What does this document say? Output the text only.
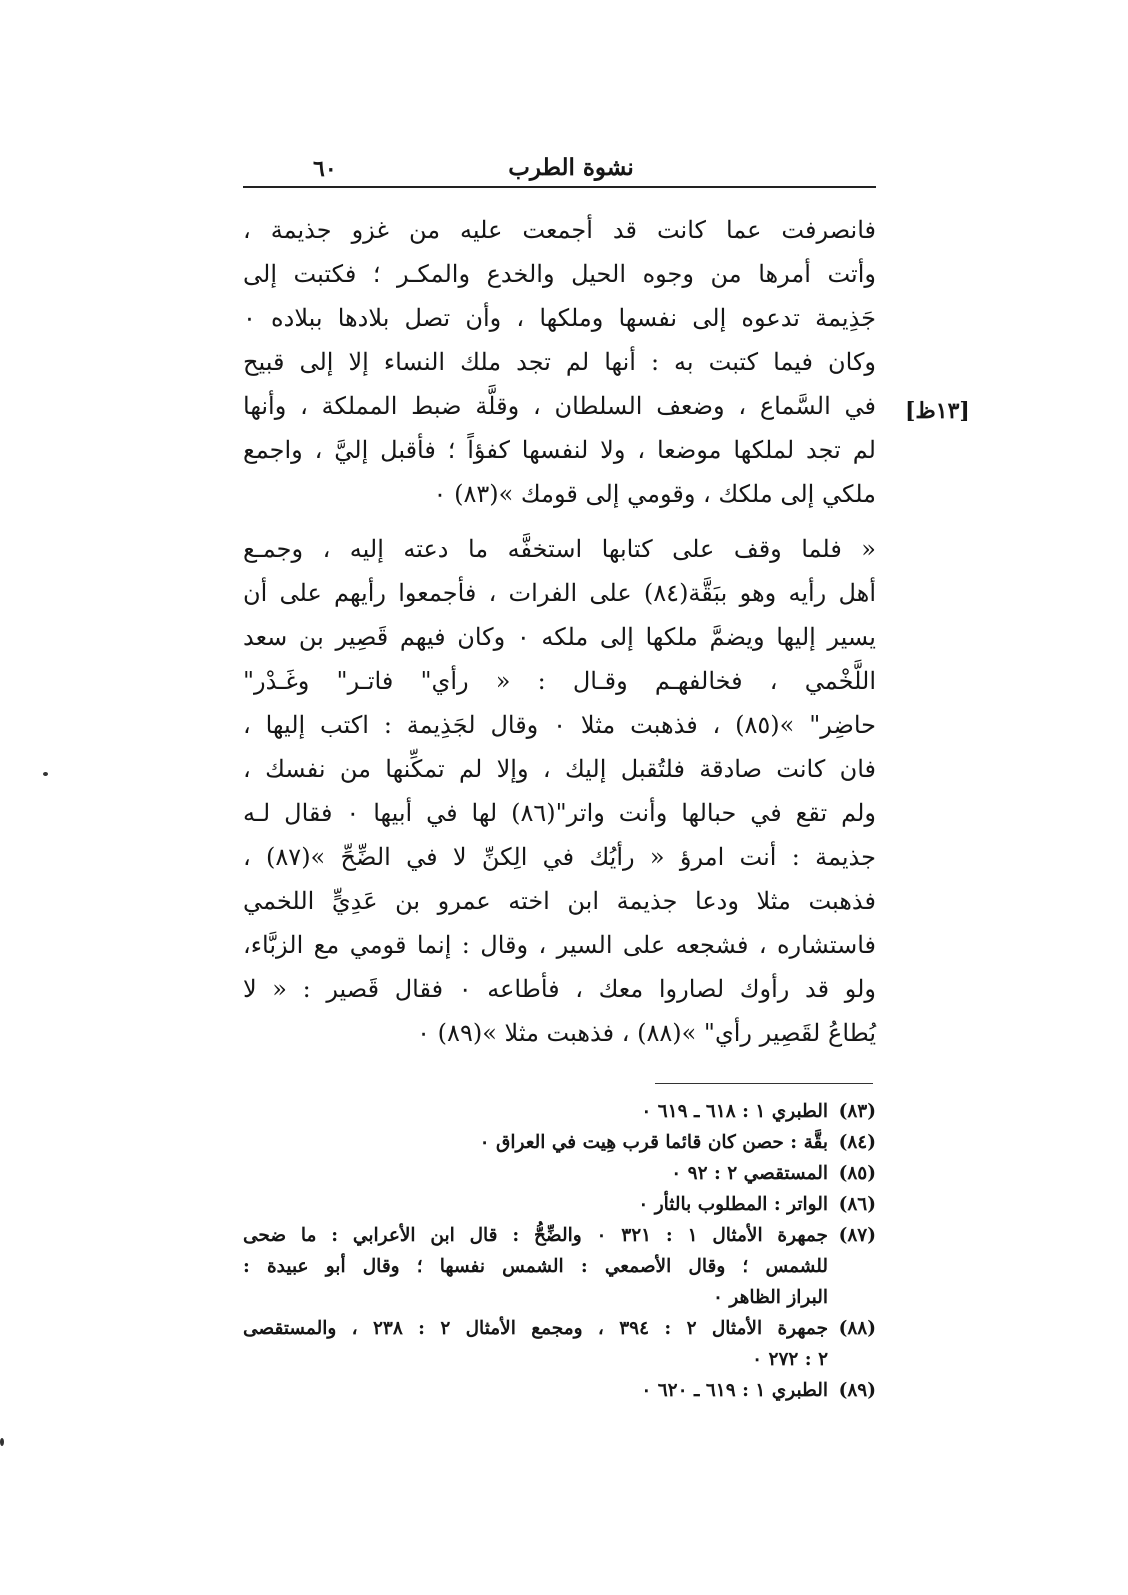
٦٠	نشوة الطرب
[١٣ظ]
فانصرفت عما كانت قد أجمعت عليه من غزو جذيمة ،
وأتت أمرها من وجوه الحيل والخدع والمكـر ؛ فكتبت إلى
جَذِيمة تدعوه إلى نفسها وملكها ، وأن تصل بلادها ببلاده ٠
وكان فيما كتبت به : أنها لم تجد ملك النساء إلا إلى قبيح
في السَّماع ، وضعف السلطان ، وقلَّة ضبط المملكة ، وأنها
لم تجد لملكها موضعا ، ولا لنفسها كفؤاً ؛ فأقبل إليَّ ، واجمع
ملكي إلى ملكك ، وقومي إلى قومك »(٨٣) ٠
« فلما وقف على كتابها استخفَّه ما دعته إليه ، وجمـع
أهل رأيه وهو ببَقَّة(٨٤) على الفرات ، فأجمعوا رأيهم على أن
يسير إليها ويضمَّ ملكها إلى ملكه ٠ وكان فيهم قَصِير بن سعد
اللَّخْمي ، فخالفهـم وقـال : « رأي" فاتـر" وغَـدْر"
حاضِر" »(٨٥) ، فذهبت مثلا ٠ وقال لجَذِيمة : اكتب إليها ،
فان كانت صادقة فلتُقبل إليك ، وإلا لم تمكِّنها من نفسك ،
ولم تقع في حبالها وأنت واتر"(٨٦) لها في أبيها ٠ فقال لـه
جذيمة : أنت امرؤ « رأيُك في الِكنِّ لا في الضِّحِّ »(٨٧) ،
فذهبت مثلا ودعا جذيمة ابن اخته عمرو بن عَدِيٍّ اللخمي
فاستشاره ، فشجعه على السير ، وقال : إنما قومي مع الزبَّاء،
ولو قد رأوك لصاروا معك ، فأطاعه ٠ فقال قَصير : « لا
يُطاعُ لقَصِير رأي" »(٨٨) ، فذهبت مثلا »(٨٩) ٠
(٨٣)
الطبري ١ : ٦١٨ ـ ٦١٩ ٠
(٨٤)
بقَّة : حصن كان قائما قرب هِيت في العراق ٠
(٨٥)
المستقصي ٢ : ٩٢ ٠
(٨٦)
الواتر : المطلوب بالثأر ٠
(٨٧)
جمهرة الأمثال ١ : ٣٢١ ٠ والضِّحُّ : قال ابن الأعرابي : ما ضحى
للشمس ؛ وقال الأصمعي : الشمس نفسها ؛ وقال أبو عبيدة :
البراز الظاهر ٠
(٨٨)
جمهرة الأمثال ٢ : ٣٩٤ ، ومجمع الأمثال ٢ : ٢٣٨ ، والمستقصى
٢ : ٢٧٢ ٠
(٨٩)
الطبري ١ : ٦١٩ ـ ٦٢٠ ٠
